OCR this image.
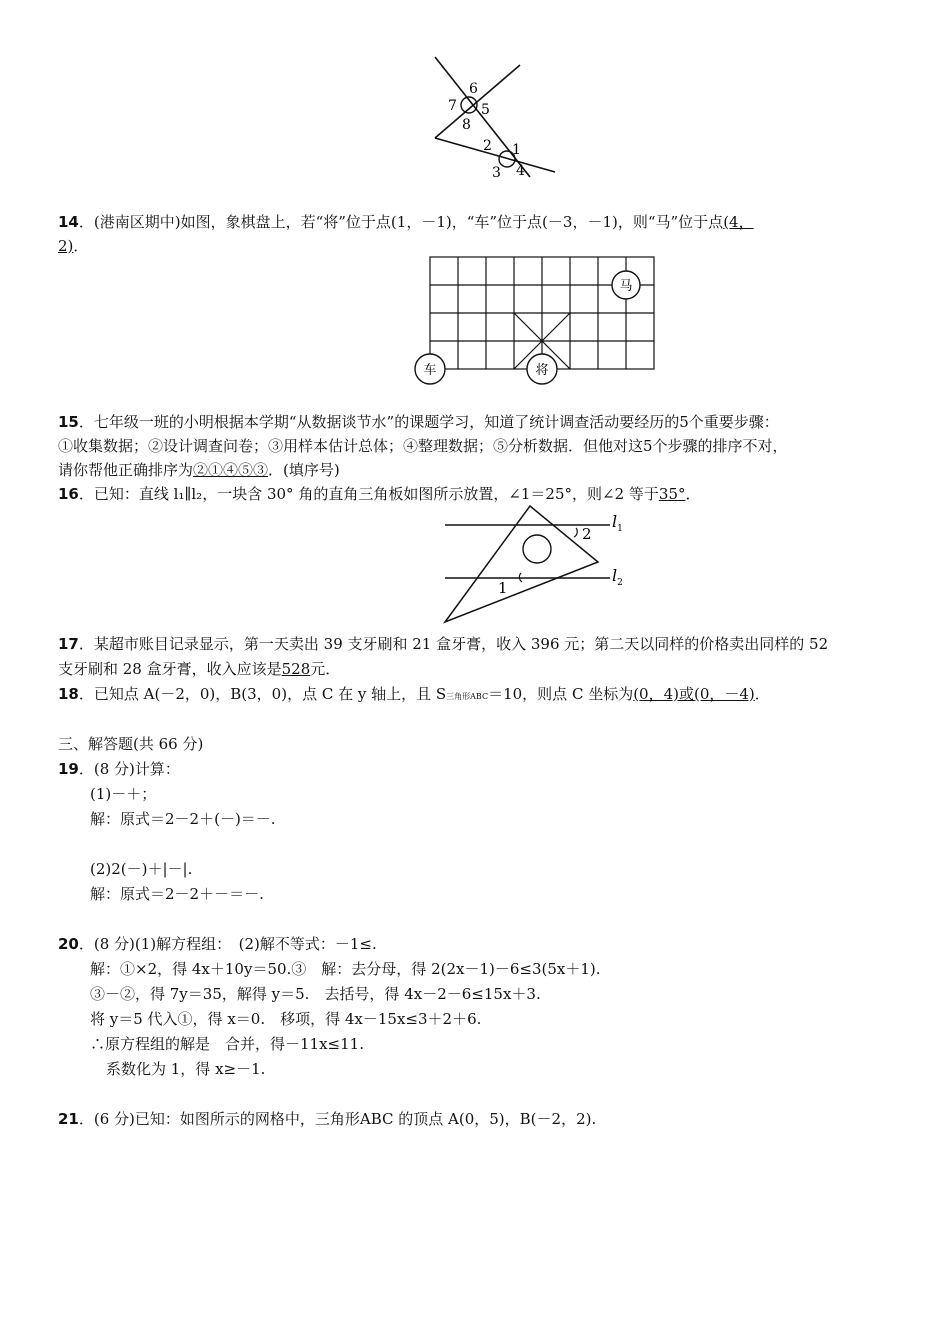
6
7 5
8
2 1
3 4
14．(港南区期中)如图，象棋盘上，若“将”位于点(1，－1)，“车”位于点(－3，－1)，则“马”位于点(4，
2)．
马
车	将
15．七年级一班的小明根据本学期“从数据谈节水”的课题学习，知道了统计调查活动要经历的5个重要步骤：
①收集数据；②设计调查问卷；③用样本估计总体；④整理数据；⑤分析数据．但他对这5个步骤的排序不对，
请你帮他正确排序为②①④⑤③．(填序号)
16．已知：直线 l₁∥l₂，一块含 30° 角的直角三角板如图所示放置，∠1＝25°，则∠2 等于35°．
2
1
$l_1$
$l_2$
17．某超市账目记录显示，第一天卖出 39 支牙刷和 21 盒牙膏，收入 396 元；第二天以同样的价格卖出同样的 52
支牙刷和 28 盒牙膏，收入应该是528元．
18．已知点 A(－2，0)，B(3，0)，点 C 在 y 轴上，且 S三角形ABC＝10，则点 C 坐标为(0，4)或(0，－4)．
三、解答题(共 66 分)
19．(8 分)计算：
(1)－＋；
解：原式＝2－2＋(－)＝－.
(2)2(－)＋|－|.
解：原式＝2－2＋－＝－.
20．(8 分)(1)解方程组：　(2)解不等式：－1≤.
解：①×2，得 4x＋10y＝50.③　解：去分母，得 2(2x－1)－6≤3(5x＋1).
③－②，得 7y＝35，解得 y＝5.　去括号，得 4x－2－6≤15x＋3.
将 y＝5 代入①，得 x＝0.　移项，得 4x－15x≤3＋2＋6.
∴原方程组的解是　合并，得－11x≤11.
系数化为 1，得 x≥－1.
21．(6 分)已知：如图所示的网格中，三角形ABC 的顶点 A(0，5)，B(－2，2).
